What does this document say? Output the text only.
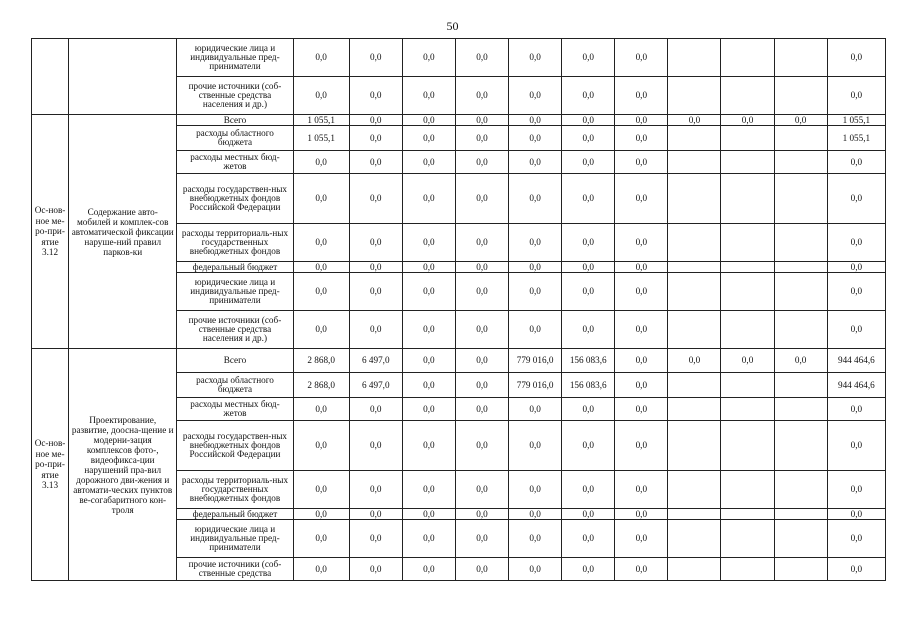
50
		юридические лица и индивидуальные пред-приниматели	0,0	0,0	0,0	0,0	0,0	0,0	0,0				0,0
		прочие источники (соб-ственные средства населения и др.)	0,0	0,0	0,0	0,0	0,0	0,0	0,0				0,0
Ос-нов-ное ме-ро-при-ятие 3.12	Содержание авто-мобилей и комплек-сов автоматической фиксации наруше-ний правил парков-ки	Всего	1 055,1	0,0	0,0	0,0	0,0	0,0	0,0	0,0	0,0	0,0	1 055,1
		расходы областного бюджета	1 055,1	0,0	0,0	0,0	0,0	0,0	0,0				1 055,1
		расходы местных бюд-жетов	0,0	0,0	0,0	0,0	0,0	0,0	0,0				0,0
		расходы государствен-ных внебюджетных фондов Российской Федерации	0,0	0,0	0,0	0,0	0,0	0,0	0,0				0,0
		расходы территориаль-ных государственных внебюджетных фондов	0,0	0,0	0,0	0,0	0,0	0,0	0,0				0,0
		федеральный бюджет	0,0	0,0	0,0	0,0	0,0	0,0	0,0				0,0
		юридические лица и индивидуальные пред-приниматели	0,0	0,0	0,0	0,0	0,0	0,0	0,0				0,0
		прочие источники (соб-ственные средства населения и др.)	0,0	0,0	0,0	0,0	0,0	0,0	0,0				0,0
Ос-нов-ное ме-ро-при-ятие 3.13	Проектирование, развитие, доосна-щение и модерни-зация комплексов фото-, видеофикса-ции нарушений пра-вил дорожного дви-жения и автомати-ческих пунктов ве-согабаритного кон-троля	Всего	2 868,0	6 497,0	0,0	0,0	779 016,0	156 083,6	0,0	0,0	0,0	0,0	944 464,6
		расходы областного бюджета	2 868,0	6 497,0	0,0	0,0	779 016,0	156 083,6	0,0				944 464,6
		расходы местных бюд-жетов	0,0	0,0	0,0	0,0	0,0	0,0	0,0				0,0
		расходы государствен-ных внебюджетных фондов Российской Федерации	0,0	0,0	0,0	0,0	0,0	0,0	0,0				0,0
		расходы территориаль-ных государственных внебюджетных фондов	0,0	0,0	0,0	0,0	0,0	0,0	0,0				0,0
		федеральный бюджет	0,0	0,0	0,0	0,0	0,0	0,0	0,0				0,0
		юридические лица и индивидуальные пред-приниматели	0,0	0,0	0,0	0,0	0,0	0,0	0,0				0,0
		прочие источники (соб-ственные средства	0,0	0,0	0,0	0,0	0,0	0,0	0,0				0,0
